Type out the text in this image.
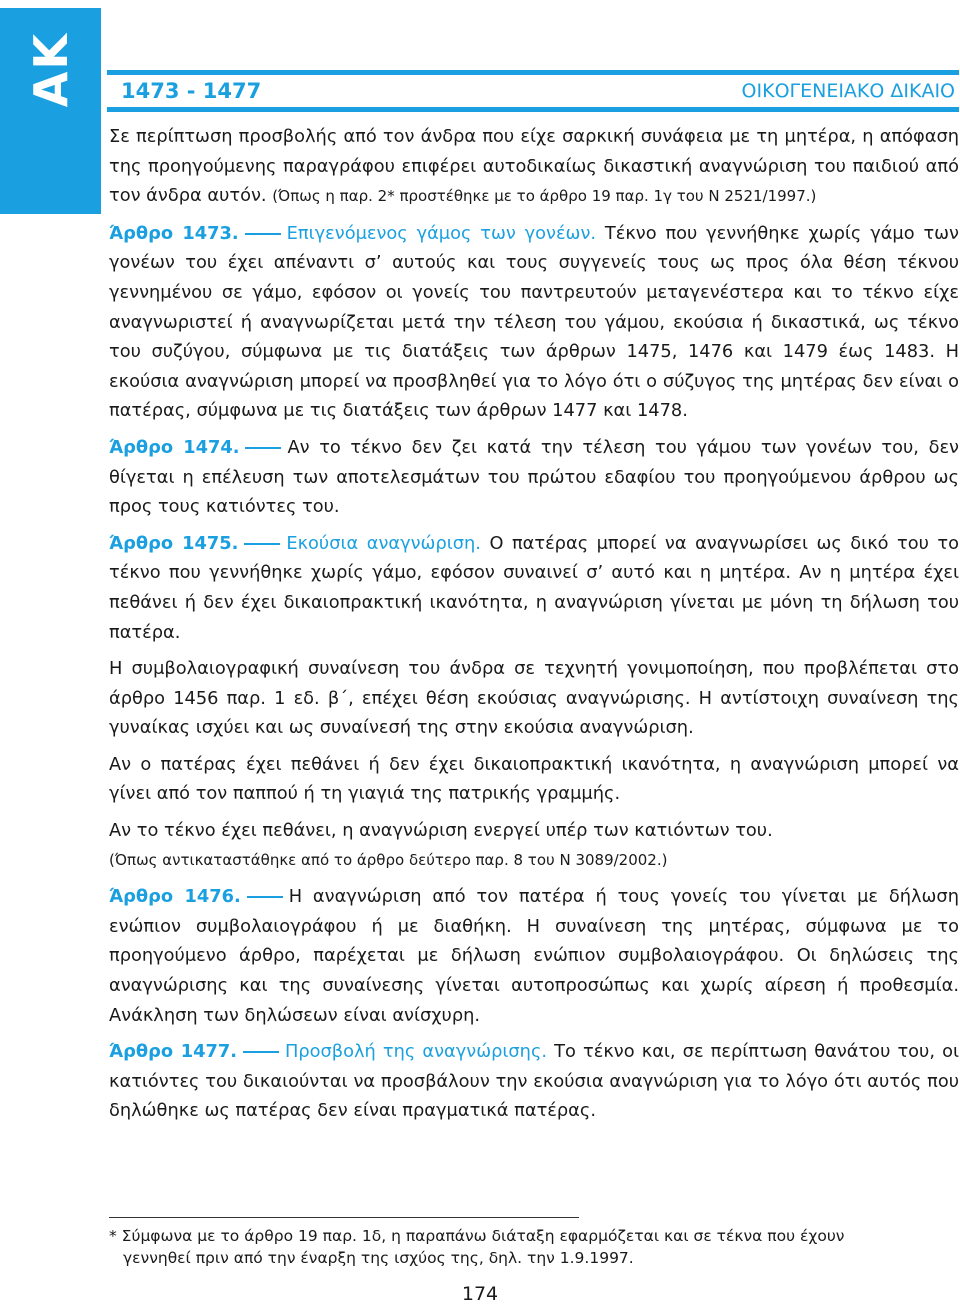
ΑΚ	1473 - 1477	ΟΙΚΟΓΕΝΕΙΑΚΟ ΔΙΚΑΙΟ

Σε περίπτωση προσβολής από τον άνδρα που είχε σαρκική συνάφεια με τη μητέρα, η απόφαση της προηγούμενης παραγράφου επιφέρει αυτοδικαίως δικαστική αναγνώριση του παιδιού από τον άνδρα αυτόν. (Όπως η παρ. 2* προστέθηκε με το άρθρο 19 παρ. 1γ του Ν 2521/1997.)

Άρθρο 1473.	Επιγενόμενος γάμος των γονέων. Τέκνο που γεννήθηκε χωρίς γάμο των γονέων του έχει απέναντι σ’ αυτούς και τους συγγενείς τους ως προς όλα θέση τέκνου γεννημένου σε γάμο, εφόσον οι γονείς του παντρευτούν μεταγενέστερα και το τέκνο είχε αναγνωριστεί ή αναγνωρίζεται μετά την τέλεση του γάμου, εκούσια ή δικαστικά, ως τέκνο του συζύγου, σύμφωνα με τις διατάξεις των άρθρων 1475, 1476 και 1479 έως 1483. Η εκούσια αναγνώριση μπορεί να προσβληθεί για το λόγο ότι ο σύζυγος της μητέρας δεν είναι ο πατέρας, σύμφωνα με τις διατάξεις των άρθρων 1477 και 1478.

Άρθρο 1474.	Αν το τέκνο δεν ζει κατά την τέλεση του γάμου των γονέων του, δεν θίγεται η επέλευση των αποτελεσμάτων του πρώτου εδαφίου του προηγούμενου άρθρου ως προς τους κατιόντες του.

Άρθρο 1475.	Εκούσια αναγνώριση. Ο πατέρας μπορεί να αναγνωρίσει ως δικό του το τέκνο που γεννήθηκε χωρίς γάμο, εφόσον συναινεί σ’ αυτό και η μητέρα. Αν η μητέρα έχει πεθάνει ή δεν έχει δικαιοπρακτική ικανότητα, η αναγνώριση γίνεται με μόνη τη δήλωση του πατέρα.

Η συμβολαιογραφική συναίνεση του άνδρα σε τεχνητή γονιμοποίηση, που προβλέπεται στο άρθρο 1456 παρ. 1 εδ. β΄, επέχει θέση εκούσιας αναγνώρισης. Η αντίστοιχη συναίνεση της γυναίκας ισχύει και ως συναίνεσή της στην εκούσια αναγνώριση.

Αν ο πατέρας έχει πεθάνει ή δεν έχει δικαιοπρακτική ικανότητα, η αναγνώριση μπορεί να γίνει από τον παππού ή τη γιαγιά της πατρικής γραμμής.

Αν το τέκνο έχει πεθάνει, η αναγνώριση ενεργεί υπέρ των κατιόντων του.

(Όπως αντικαταστάθηκε από το άρθρο δεύτερο παρ. 8 του Ν 3089/2002.)

Άρθρο 1476.	Η αναγνώριση από τον πατέρα ή τους γονείς του γίνεται με δήλωση ενώπιον συμβολαιογράφου ή με διαθήκη. Η συναίνεση της μητέρας, σύμφωνα με το προηγούμενο άρθρο, παρέχεται με δήλωση ενώπιον συμβολαιογράφου. Οι δηλώσεις της αναγνώρισης και της συναίνεσης γίνεται αυτοπροσώπως και χωρίς αίρεση ή προθεσμία. Ανάκληση των δηλώσεων είναι ανίσχυρη.

Άρθρο 1477.	Προσβολή της αναγνώρισης. Το τέκνο και, σε περίπτωση θανάτου του, οι κατιόντες του δικαιούνται να προσβάλουν την εκούσια αναγνώριση για το λόγο ότι αυτός που δηλώθηκε ως πατέρας δεν είναι πραγματικά πατέρας.

* Σύμφωνα με το άρθρο 19 παρ. 1δ, η παραπάνω διάταξη εφαρμόζεται και σε τέκνα που έχουν
γεννηθεί πριν από την έναρξη της ισχύος της, δηλ. την 1.9.1997.
174
